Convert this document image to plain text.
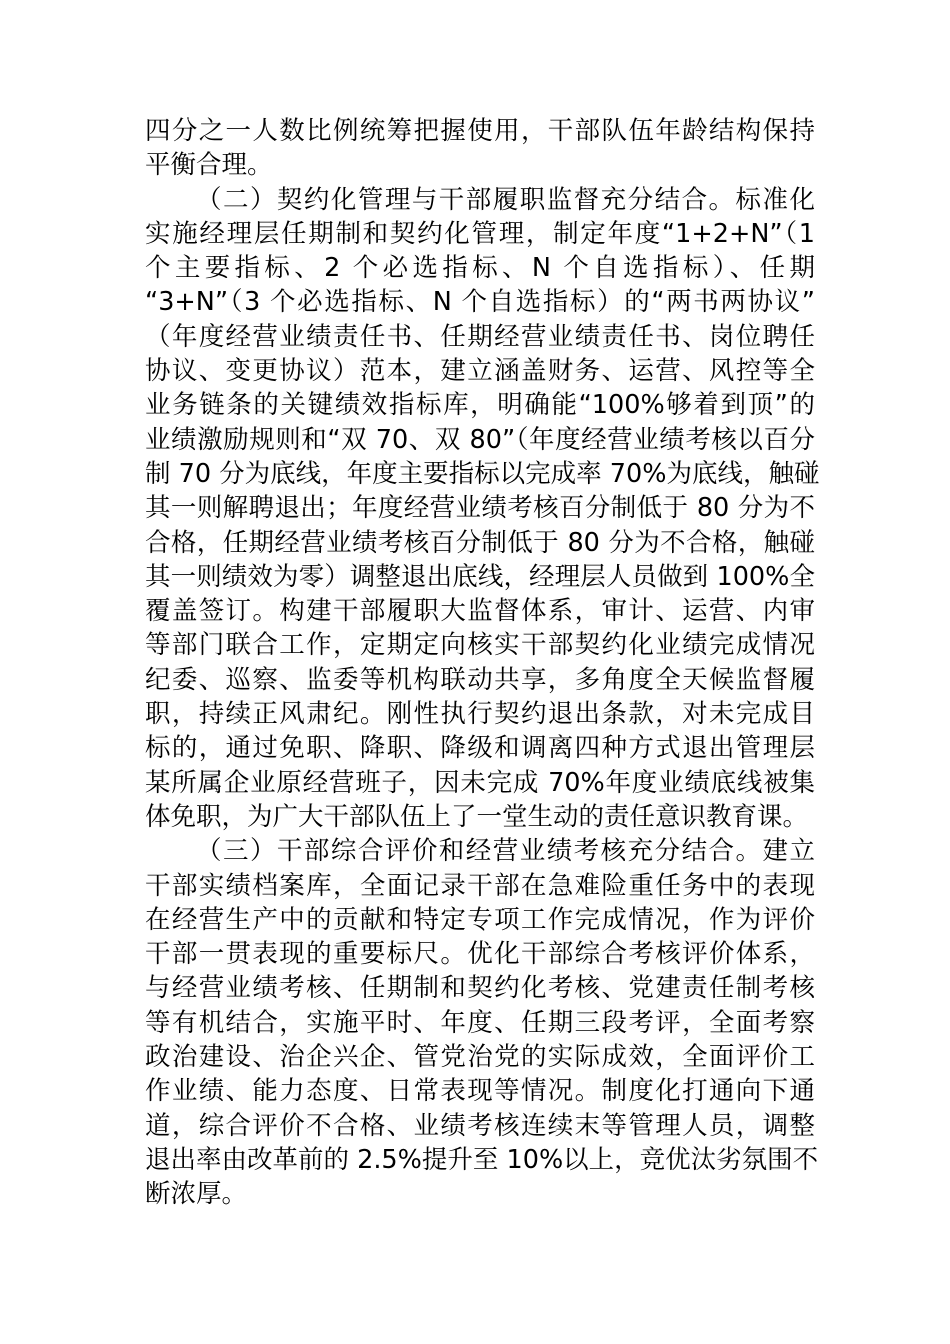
四分之一人数比例统筹把握使用，干部队伍年龄结构保持
平衡合理。
（二）契约化管理与干部履职监督充分结合。标准化
实施经理层任期制和契约化管理，制定年度“1+2+N”（1
个主要指标、2 个必选指标、N 个自选指标）、任期
“3+N”（3 个必选指标、N 个自选指标）的“两书两协议”
（年度经营业绩责任书、任期经营业绩责任书、岗位聘任
协议、变更协议）范本，建立涵盖财务、运营、风控等全
业务链条的关键绩效指标库，明确能“100%够着到顶”的
业绩激励规则和“双 70、双 80”（年度经营业绩考核以百分
制 70 分为底线，年度主要指标以完成率 70%为底线，触碰
其一则解聘退出；年度经营业绩考核百分制低于 80 分为不
合格，任期经营业绩考核百分制低于 80 分为不合格，触碰
其一则绩效为零）调整退出底线，经理层人员做到 100%全
覆盖签订。构建干部履职大监督体系，审计、运营、内审
等部门联合工作，定期定向核实干部契约化业绩完成情况
纪委、巡察、监委等机构联动共享，多角度全天候监督履
职，持续正风肃纪。刚性执行契约退出条款，对未完成目
标的，通过免职、降职、降级和调离四种方式退出管理层
某所属企业原经营班子，因未完成 70%年度业绩底线被集
体免职，为广大干部队伍上了一堂生动的责任意识教育课。
（三）干部综合评价和经营业绩考核充分结合。建立
干部实绩档案库，全面记录干部在急难险重任务中的表现
在经营生产中的贡献和特定专项工作完成情况，作为评价
干部一贯表现的重要标尺。优化干部综合考核评价体系，
与经营业绩考核、任期制和契约化考核、党建责任制考核
等有机结合，实施平时、年度、任期三段考评，全面考察
政治建设、治企兴企、管党治党的实际成效，全面评价工
作业绩、能力态度、日常表现等情况。制度化打通向下通
道，综合评价不合格、业绩考核连续末等管理人员，调整
退出率由改革前的 2.5%提升至 10%以上，竞优汰劣氛围不
断浓厚。
